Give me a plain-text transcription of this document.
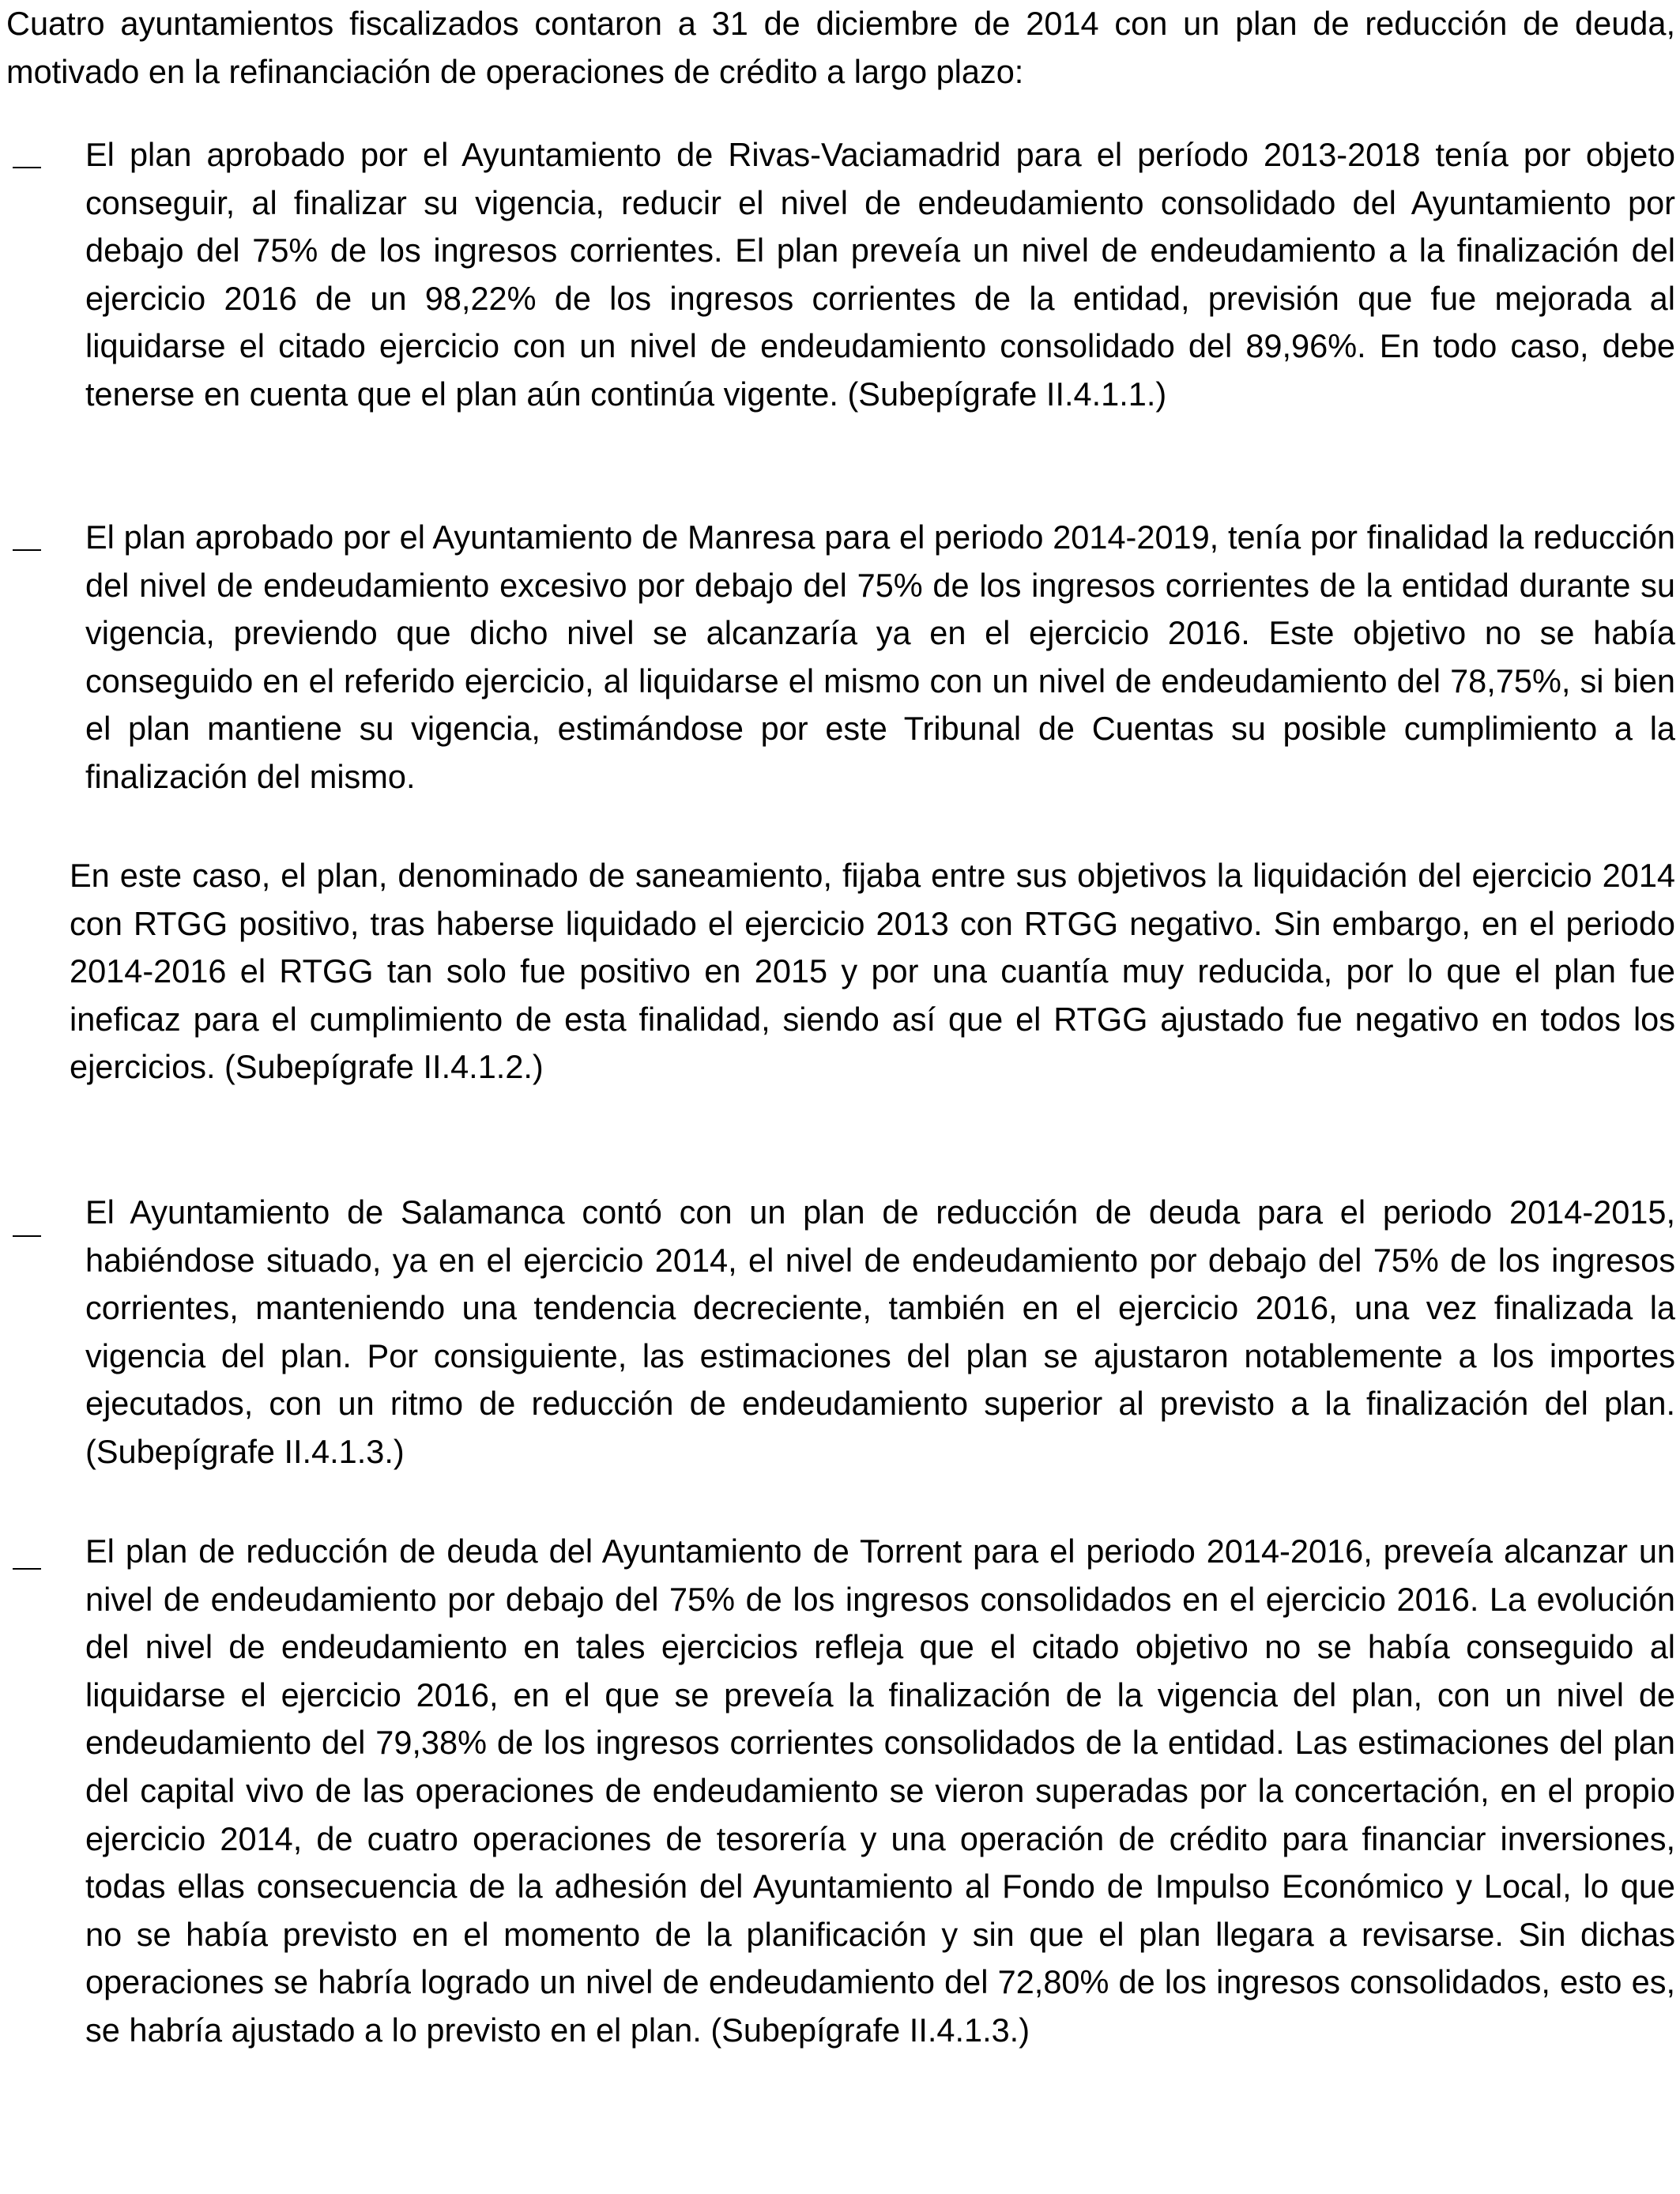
Cuatro ayuntamientos fiscalizados contaron a 31 de diciembre de 2014 con un plan de reducción de deuda, motivado en la refinanciación de operaciones de crédito a largo plazo:

El plan aprobado por el Ayuntamiento de Rivas-Vaciamadrid para el período 2013-2018 tenía por objeto conseguir, al finalizar su vigencia, reducir el nivel de endeudamiento consolidado del Ayuntamiento por debajo del 75% de los ingresos corrientes. El plan preveía un nivel de endeudamiento a la finalización del ejercicio 2016 de un 98,22% de los ingresos corrientes de la entidad, previsión que fue mejorada al liquidarse el citado ejercicio con un nivel de endeudamiento consolidado del 89,96%. En todo caso, debe tenerse en cuenta que el plan aún continúa vigente. (Subepígrafe II.4.1.1.)

El plan aprobado por el Ayuntamiento de Manresa para el periodo 2014-2019, tenía por finalidad la reducción del nivel de endeudamiento excesivo por debajo del 75% de los ingresos corrientes de la entidad durante su vigencia, previendo que dicho nivel se alcanzaría ya en el ejercicio 2016. Este objetivo no se había conseguido en el referido ejercicio, al liquidarse el mismo con un nivel de endeudamiento del 78,75%, si bien el plan mantiene su vigencia, estimándose por este Tribunal de Cuentas su posible cumplimiento a la finalización del mismo.

En este caso, el plan, denominado de saneamiento, fijaba entre sus objetivos la liquidación del ejercicio 2014 con RTGG positivo, tras haberse liquidado el ejercicio 2013 con RTGG negativo. Sin embargo, en el periodo 2014-2016 el RTGG tan solo fue positivo en 2015 y por una cuantía muy reducida, por lo que el plan fue ineficaz para el cumplimiento de esta finalidad, siendo así que el RTGG ajustado fue negativo en todos los ejercicios. (Subepígrafe II.4.1.2.)

El Ayuntamiento de Salamanca contó con un plan de reducción de deuda para el periodo 2014-2015, habiéndose situado, ya en el ejercicio 2014, el nivel de endeudamiento por debajo del 75% de los ingresos corrientes, manteniendo una tendencia decreciente, también en el ejercicio 2016, una vez finalizada la vigencia del plan. Por consiguiente, las estimaciones del plan se ajustaron notablemente a los importes ejecutados, con un ritmo de reducción de endeudamiento superior al previsto a la finalización del plan. (Subepígrafe II.4.1.3.)

El plan de reducción de deuda del Ayuntamiento de Torrent para el periodo 2014-2016, preveía alcanzar un nivel de endeudamiento por debajo del 75% de los ingresos consolidados en el ejercicio 2016. La evolución del nivel de endeudamiento en tales ejercicios refleja que el citado objetivo no se había conseguido al liquidarse el ejercicio 2016, en el que se preveía la finalización de la vigencia del plan, con un nivel de endeudamiento del 79,38% de los ingresos corrientes consolidados de la entidad. Las estimaciones del plan del capital vivo de las operaciones de endeudamiento se vieron superadas por la concertación, en el propio ejercicio 2014, de cuatro operaciones de tesorería y una operación de crédito para financiar inversiones, todas ellas consecuencia de la adhesión del Ayuntamiento al Fondo de Impulso Económico y Local, lo que no se había previsto en el momento de la planificación y sin que el plan llegara a revisarse. Sin dichas operaciones se habría logrado un nivel de endeudamiento del 72,80% de los ingresos consolidados, esto es, se habría ajustado a lo previsto en el plan. (Subepígrafe II.4.1.3.)
